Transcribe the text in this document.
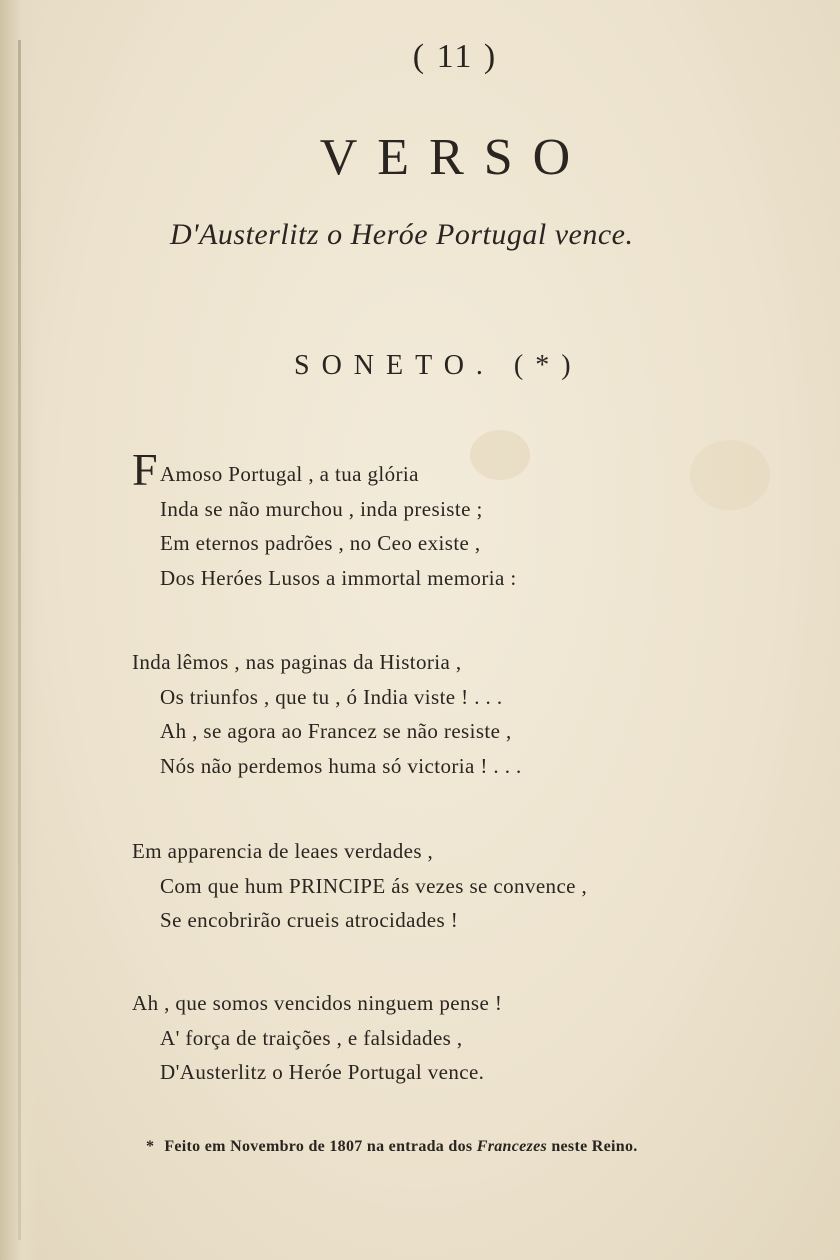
( 11 )
VERSO
D'Austerlitz o Heróe Portugal vence.
SONETO. (*)
FAmoso Portugal , a tua glória
Inda se não murchou , inda presiste ;
Em eternos padrões , no Ceo existe ,
Dos Heróes Lusos a immortal memoria :
Inda lêmos , nas paginas da Historia ,
Os triunfos , que tu , ó India viste ! . . .
Ah , se agora ao Francez se não resiste ,
Nós não perdemos huma só victoria ! . . .
Em apparencia de leaes verdades ,
Com que hum PRINCIPE ás vezes se convence ,
Se encobrirão crueis atrocidades !
Ah , que somos vencidos ninguem pense !
A' força de traições , e falsidades ,
D'Austerlitz o Heróe Portugal vence.
* Feito em Novembro de 1807 na entrada dos Francezes neste Reino.
